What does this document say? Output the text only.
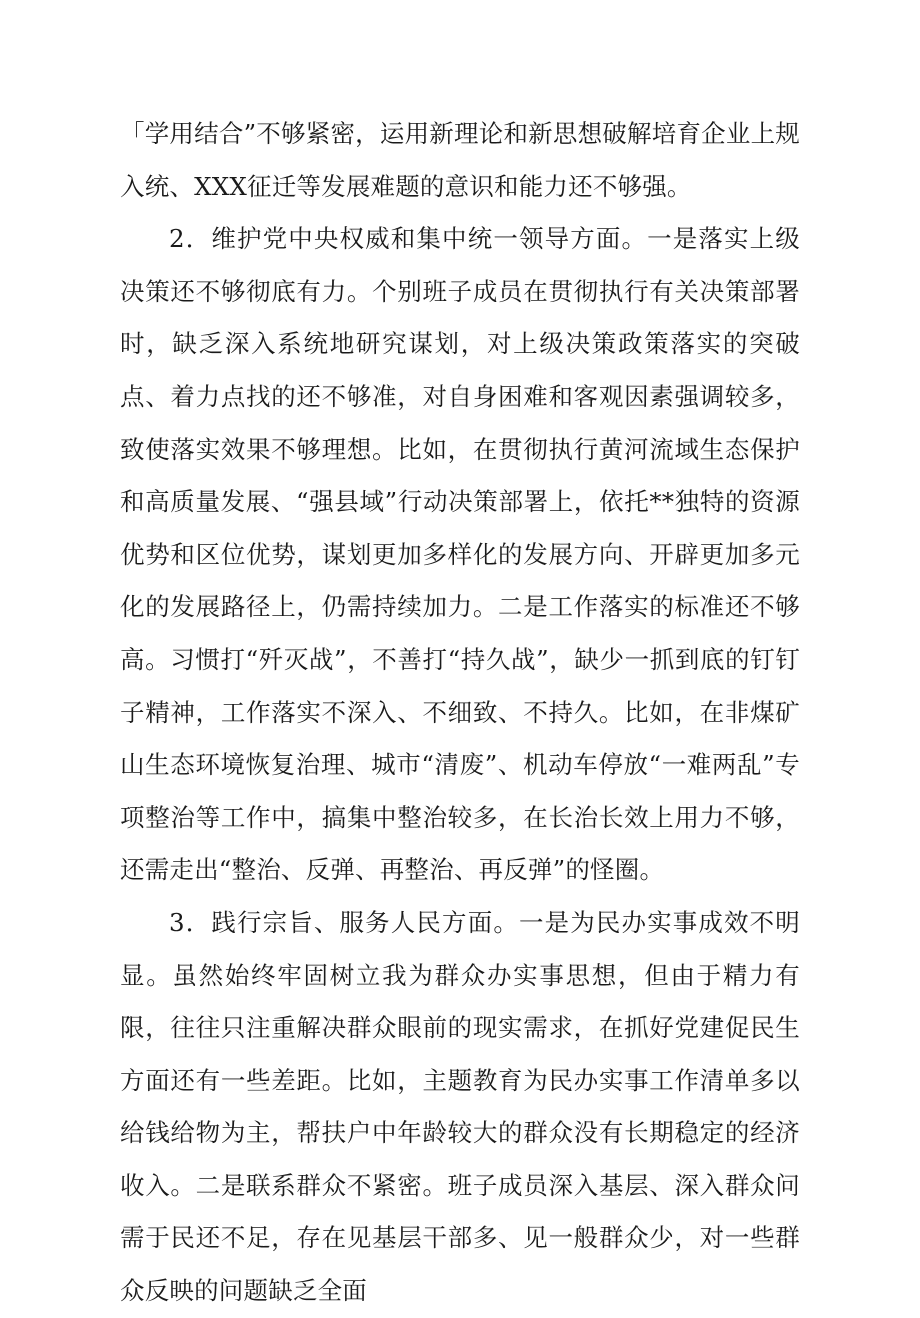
「学用结合”不够紧密，运用新理论和新思想破解培育企业上规入统、XXX征迁等发展难题的意识和能力还不够强。

2．维护党中央权威和集中统一领导方面。一是落实上级决策还不够彻底有力。个别班子成员在贯彻执行有关决策部署时，缺乏深入系统地研究谋划，对上级决策政策落实的突破点、着力点找的还不够准，对自身困难和客观因素强调较多，致使落实效果不够理想。比如，在贯彻执行黄河流域生态保护和高质量发展、“强县域”行动决策部署上，依托**独特的资源优势和区位优势，谋划更加多样化的发展方向、开辟更加多元化的发展路径上，仍需持续加力。二是工作落实的标准还不够高。习惯打“歼灭战”，不善打“持久战”，缺少一抓到底的钉钉子精神，工作落实不深入、不细致、不持久。比如，在非煤矿山生态环境恢复治理、城市“清废”、机动车停放“一难两乱”专项整治等工作中，搞集中整治较多，在长治长效上用力不够，还需走出“整治、反弹、再整治、再反弹”的怪圈。

3．践行宗旨、服务人民方面。一是为民办实事成效不明显。虽然始终牢固树立我为群众办实事思想，但由于精力有限，往往只注重解决群众眼前的现实需求，在抓好党建促民生方面还有一些差距。比如，主题教育为民办实事工作清单多以给钱给物为主，帮扶户中年龄较大的群众没有长期稳定的经济收入。二是联系群众不紧密。班子成员深入基层、深入群众问需于民还不足，存在见基层干部多、见一般群众少，对一些群众反映的问题缺乏全面
